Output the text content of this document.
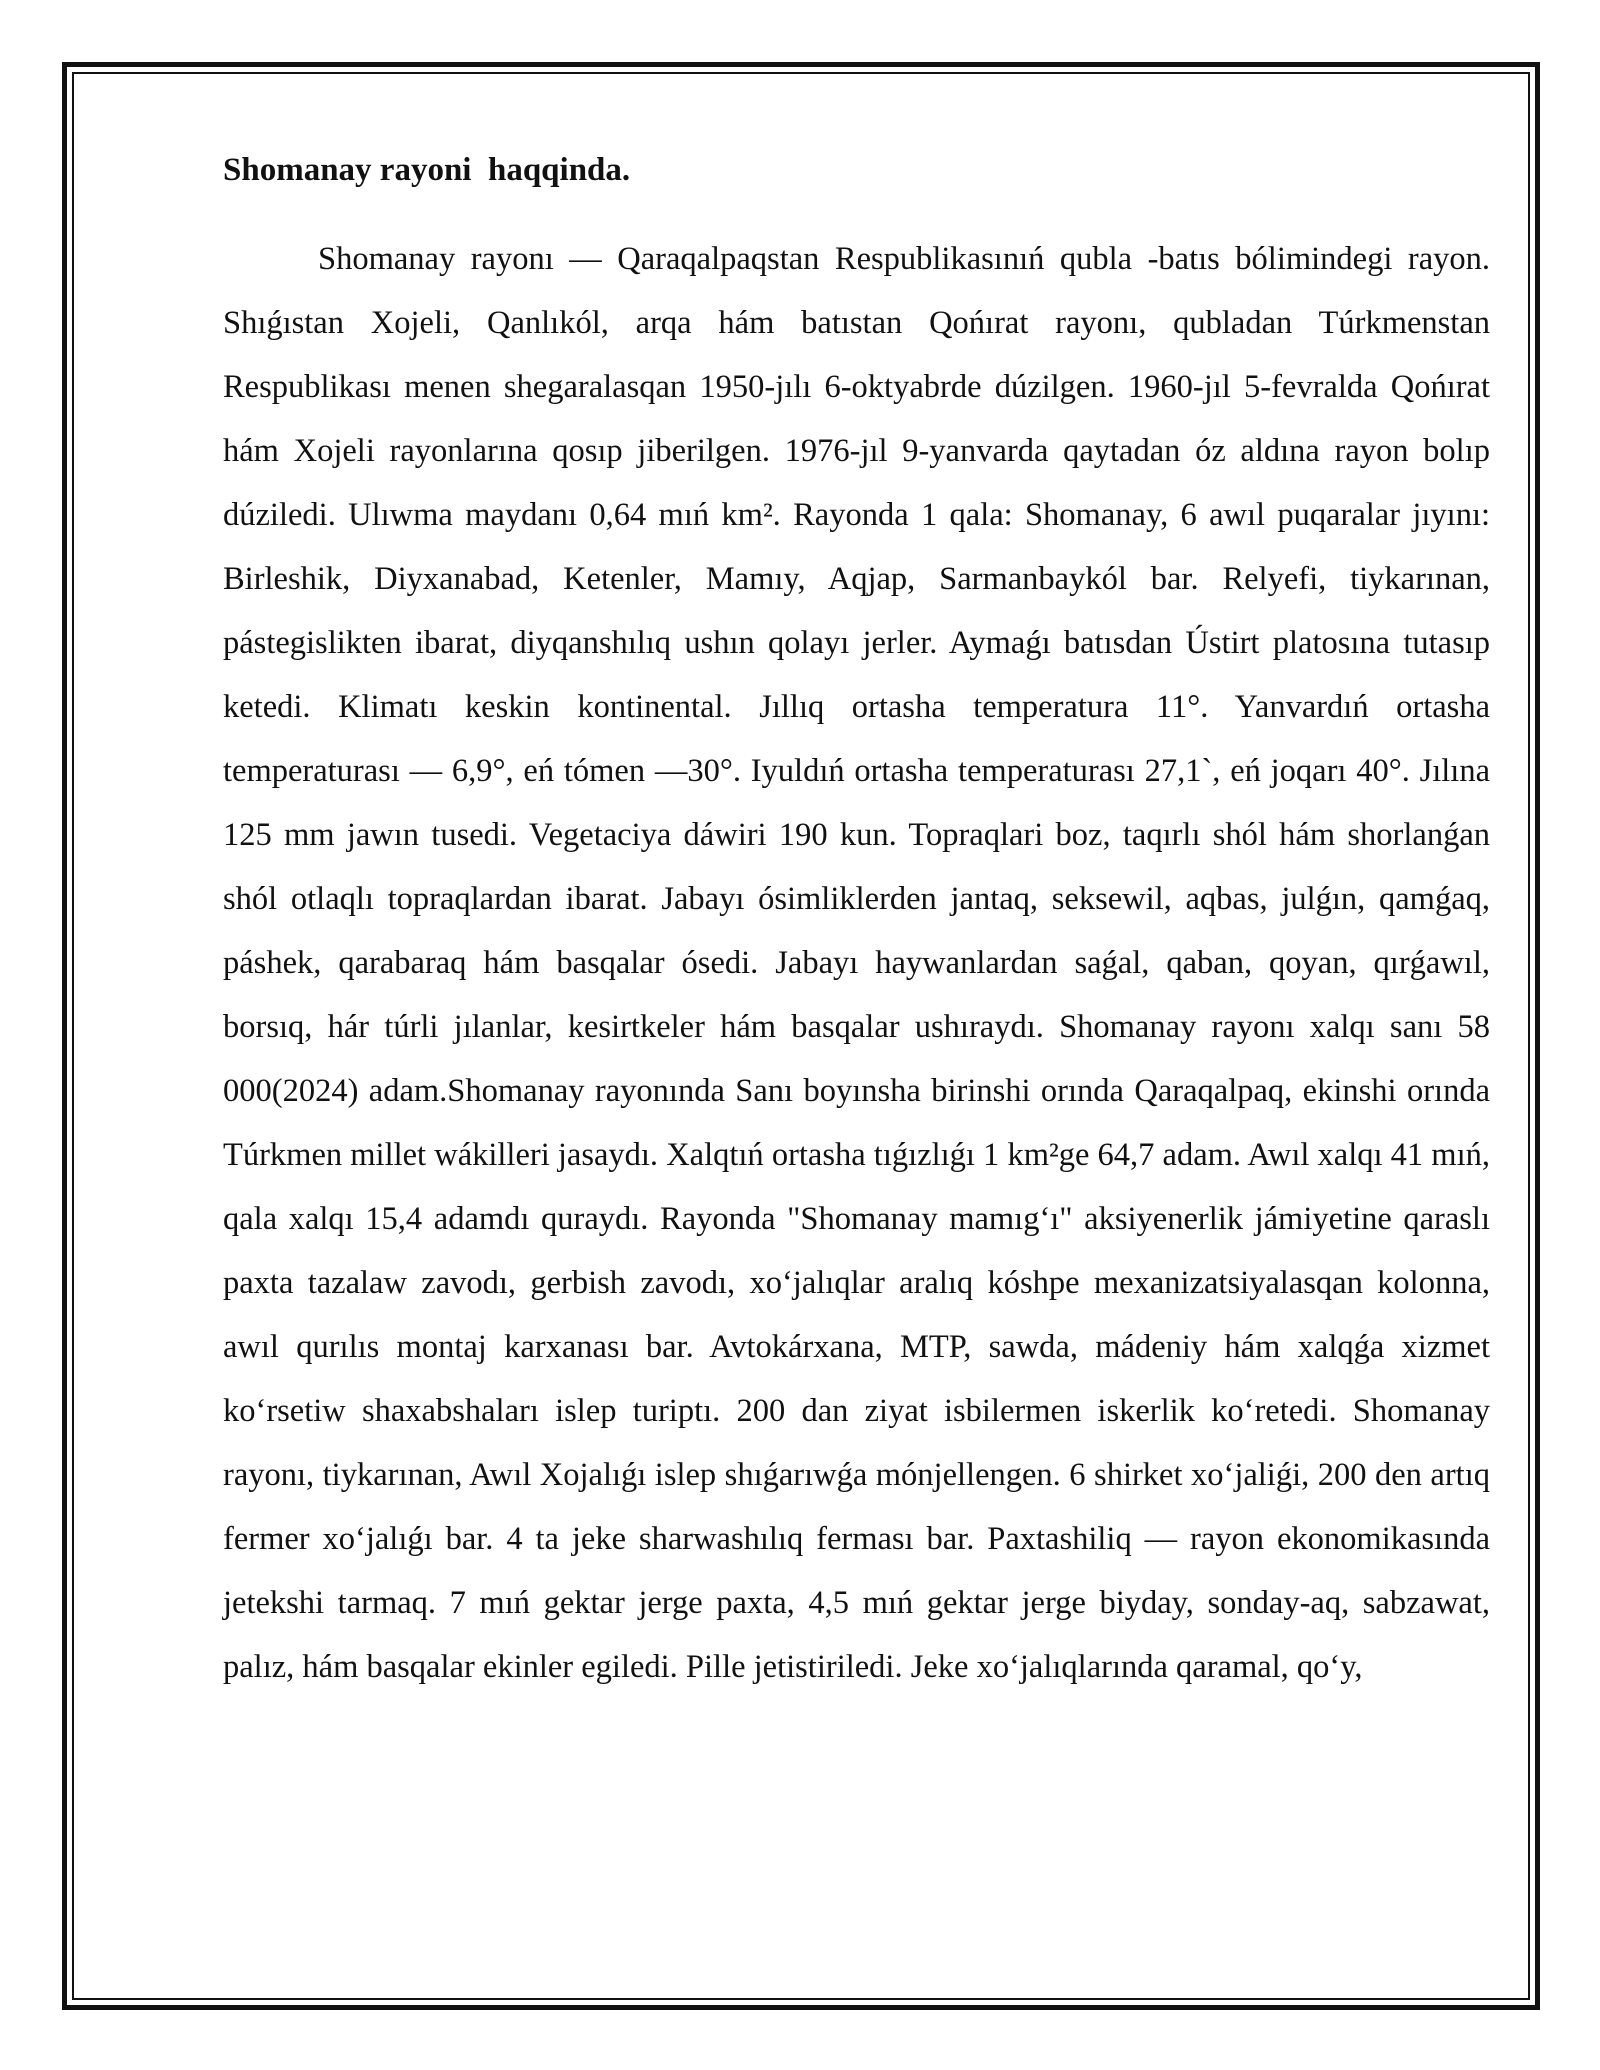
Shomanay rayoni  haqqinda.

Shomanay rayonı — Qaraqalpaqstan Respublikasınıń qubla -batıs bólimindegi rayon. Shıǵıstan Xojeli, Qanlıkól, arqa hám batıstan Qońırat rayonı, qubladan Túrkmenstan Respublikası menen shegaralasqan 1950-jılı 6-oktyabrde dúzilgen. 1960-jıl 5-fevralda Qońırat hám Xojeli rayonlarına qosıp jiberilgen. 1976-jıl 9-yanvarda qaytadan óz aldına rayon bolıp dúziledi. Ulıwma maydanı 0,64 mıń km². Rayonda 1 qala: Shomanay, 6 awıl puqaralar jıyını: Birleshik, Diyxanabad, Ketenler, Mamıy, Aqjap, Sarmanbaykól bar. Relyefi, tiykarınan, pástegislikten ibarat, diyqanshılıq ushın qolayı jerler. Aymaǵı batısdan Ústirt platosına tutasıp ketedi. Klimatı keskin kontinental. Jıllıq ortasha temperatura 11°. Yanvardıń ortasha temperaturası — 6,9°, eń tómen —30°. Iyuldıń ortasha temperaturası 27,1`, eń joqarı 40°. Jılına 125 mm jawın tusedi. Vegetaciya dáwiri 190 kun. Topraqlari boz, taqırlı shól hám shorlanǵan shól otlaqlı topraqlardan ibarat. Jabayı ósimliklerden jantaq, seksewil, aqbas, julǵın, qamǵaq, páshek, qarabaraq hám basqalar ósedi. Jabayı haywanlardan saǵal, qaban, qoyan, qırǵawıl, borsıq, hár túrli jılanlar, kesirtkeler hám basqalar ushıraydı. Shomanay rayonı xalqı sanı 58 000(2024) adam.Shomanay rayonında Sanı boyınsha birinshi orında Qaraqalpaq, ekinshi orında Túrkmen millet wákilleri jasaydı. Xalqtıń ortasha tıǵızlıǵı 1 km²ge 64,7 adam. Awıl xalqı 41 mıń, qala xalqı 15,4 adamdı quraydı. Rayonda "Shomanay mamıg‘ı" aksiyenerlik jámiyetine qaraslı paxta tazalaw zavodı, gerbish zavodı, xo‘jalıqlar aralıq kóshpe mexanizatsiyalasqan kolonna, awıl qurılıs montaj karxanası bar. Avtokárxana, MTP, sawda, mádeniy hám xalqǵa xizmet ko‘rsetiw shaxabshaları islep turiptı. 200 dan ziyat isbilermen iskerlik ko‘retedi. Shomanay rayonı, tiykarınan, Awıl Xojalıǵı islep shıǵarıwǵa mónjellengen. 6 shirket xo‘jaliǵi, 200 den artıq fermer xo‘jalıǵı bar. 4 ta jeke sharwashılıq ferması bar. Paxtashiliq — rayon ekonomikasında jetekshi tarmaq. 7 mıń gektar jerge paxta, 4,5 mıń gektar jerge biyday, sonday-aq, sabzawat, palız, hám basqalar ekinler egiledi. Pille jetistiriledi. Jeke xo‘jalıqlarında qaramal, qo‘y,
